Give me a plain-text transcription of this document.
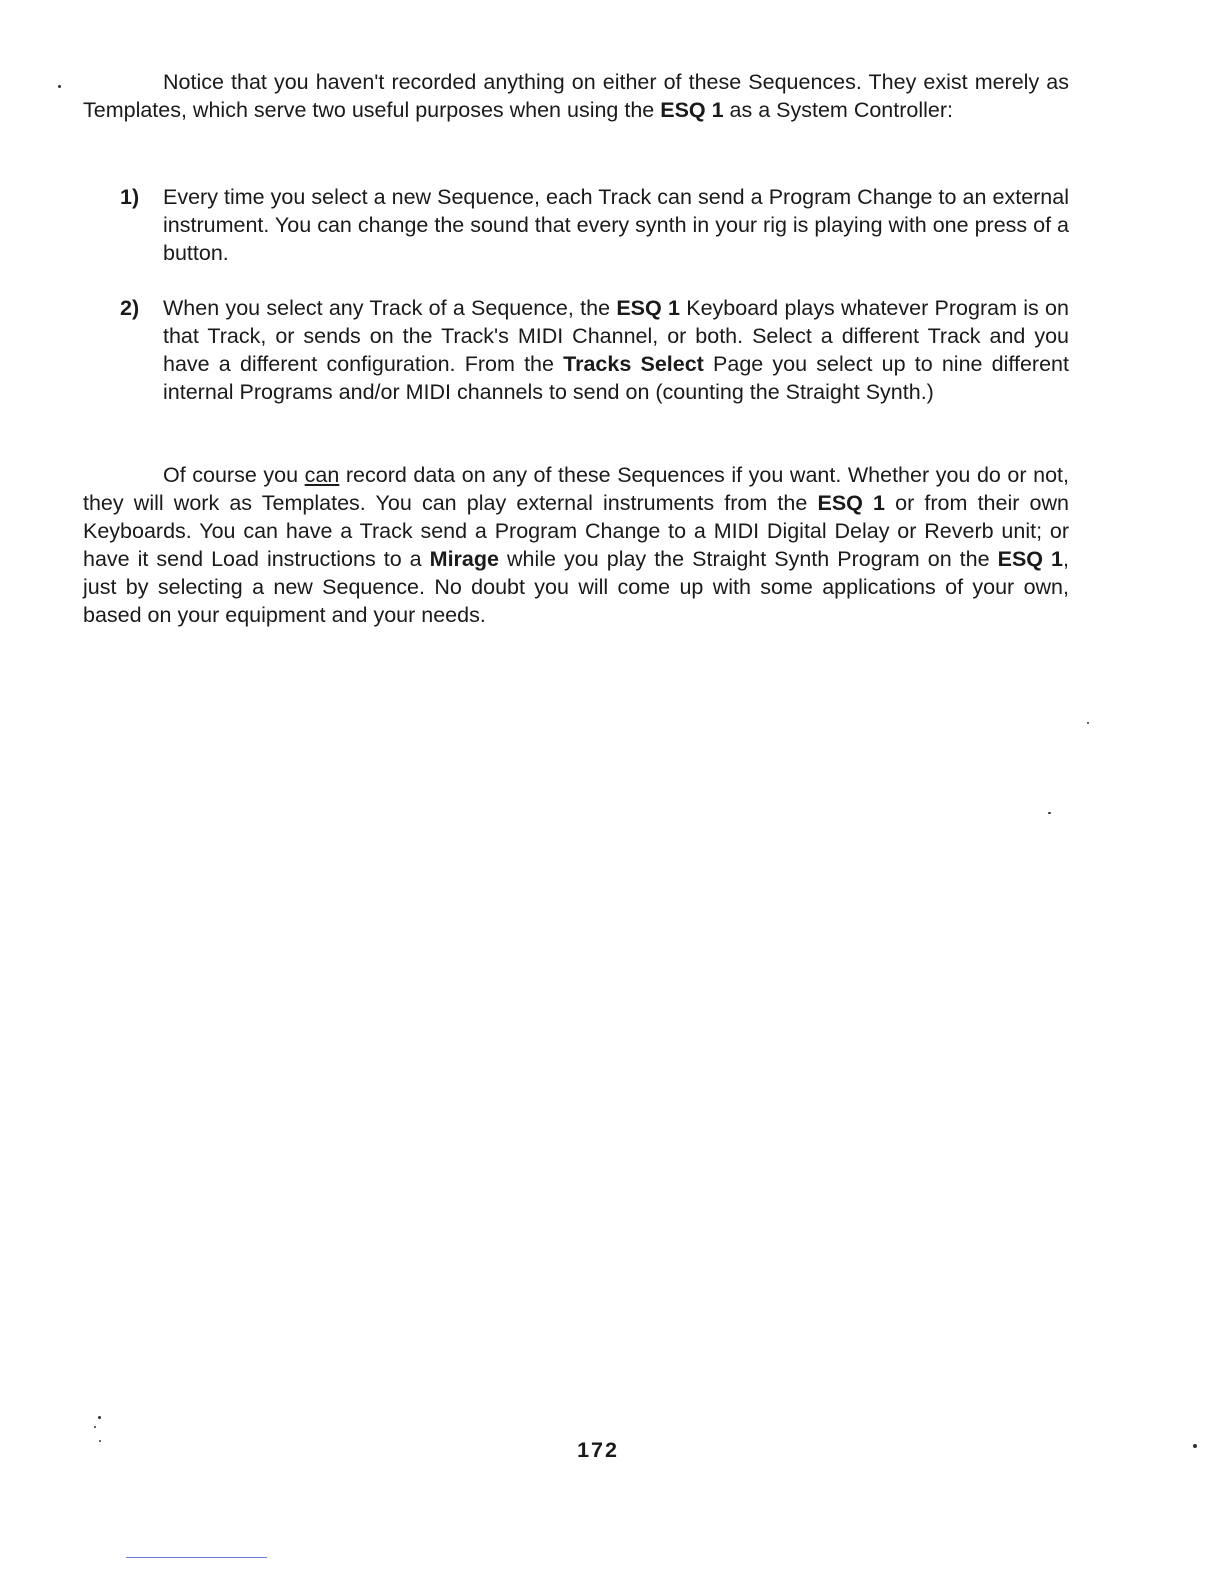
Notice that you haven't recorded anything on either of these Sequences. They exist merely as Templates, which serve two useful purposes when using the ESQ 1 as a System Controller:

1)	Every time you select a new Sequence, each Track can send a Program Change to an external instrument. You can change the sound that every synth in your rig is playing with one press of a button.
2)	When you select any Track of a Sequence, the ESQ 1 Keyboard plays whatever Program is on that Track, or sends on the Track's MIDI Channel, or both. Select a different Track and you have a different configuration. From the Tracks Select Page you select up to nine different internal Programs and/or MIDI channels to send on (counting the Straight Synth.)

Of course you can record data on any of these Sequences if you want. Whether you do or not, they will work as Templates. You can play external instruments from the ESQ 1 or from their own Keyboards. You can have a Track send a Program Change to a MIDI Digital Delay or Reverb unit; or have it send Load instructions to a Mirage while you play the Straight Synth Program on the ESQ 1, just by selecting a new Sequence. No doubt you will come up with some applications of your own, based on your equipment and your needs.

172
